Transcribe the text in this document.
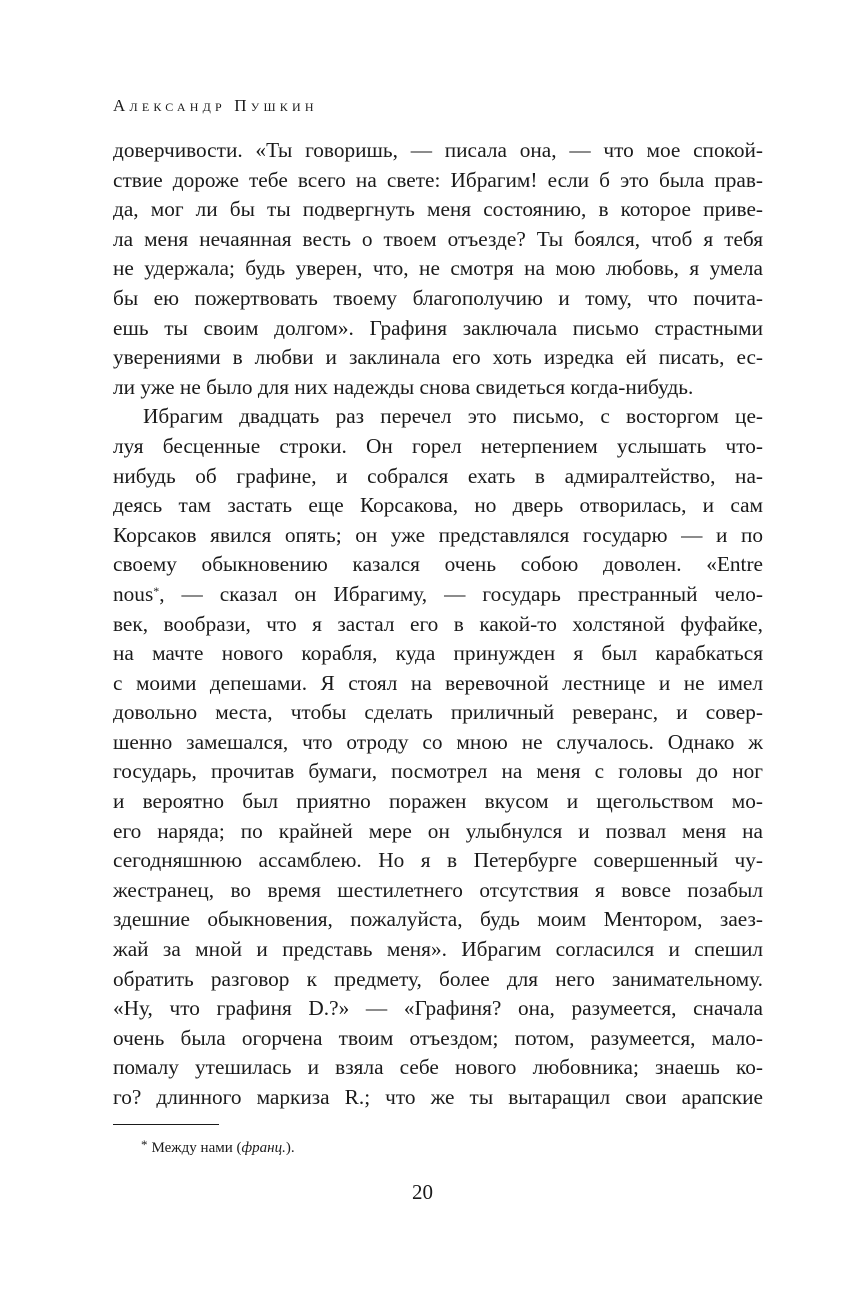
Александр Пушкин
доверчивости. «Ты говоришь, — писала она, — что мое спокой-
ствие дороже тебе всего на свете: Ибрагим! если б это была прав-
да, мог ли бы ты подвергнуть меня состоянию, в которое приве-
ла меня нечаянная весть о твоем отъезде? Ты боялся, чтоб я тебя
не удержала; будь уверен, что, не смотря на мою любовь, я умела
бы ею пожертвовать твоему благополучию и тому, что почита-
ешь ты своим долгом». Графиня заключала письмо страстными
уверениями в любви и заклинала его хоть изредка ей писать, ес-
ли уже не было для них надежды снова свидеться когда-нибудь.
Ибрагим двадцать раз перечел это письмо, с восторгом це-
луя бесценные строки. Он горел нетерпением услышать что-
нибудь об графине, и собрался ехать в адмиралтейство, на-
деясь там застать еще Корсакова, но дверь отворилась, и сам
Корсаков явился опять; он уже представлялся государю — и по
своему обыкновению казался очень собою доволен. «Entre
nous*, — сказал он Ибрагиму, — государь престранный чело-
век, вообрази, что я застал его в какой-то холстяной фуфайке,
на мачте нового корабля, куда принужден я был карабкаться
с моими депешами. Я стоял на веревочной лестнице и не имел
довольно места, чтобы сделать приличный реверанс, и совер-
шенно замешался, что отроду со мною не случалось. Однако ж
государь, прочитав бумаги, посмотрел на меня с головы до ног
и вероятно был приятно поражен вкусом и щегольством мо-
его наряда; по крайней мере он улыбнулся и позвал меня на
сегодняшнюю ассамблею. Но я в Петербурге совершенный чу-
жестранец, во время шестилетнего отсутствия я вовсе позабыл
здешние обыкновения, пожалуйста, будь моим Ментором, заез-
жай за мной и представь меня». Ибрагим согласился и спешил
обратить разговор к предмету, более для него занимательному.
«Ну, что графиня D.?» — «Графиня? она, разумеется, сначала
очень была огорчена твоим отъездом; потом, разумеется, мало-
помалу утешилась и взяла себе нового любовника; знаешь ко-
го? длинного маркиза R.; что же ты вытаращил свои арапские
* Между нами (франц.).
20
